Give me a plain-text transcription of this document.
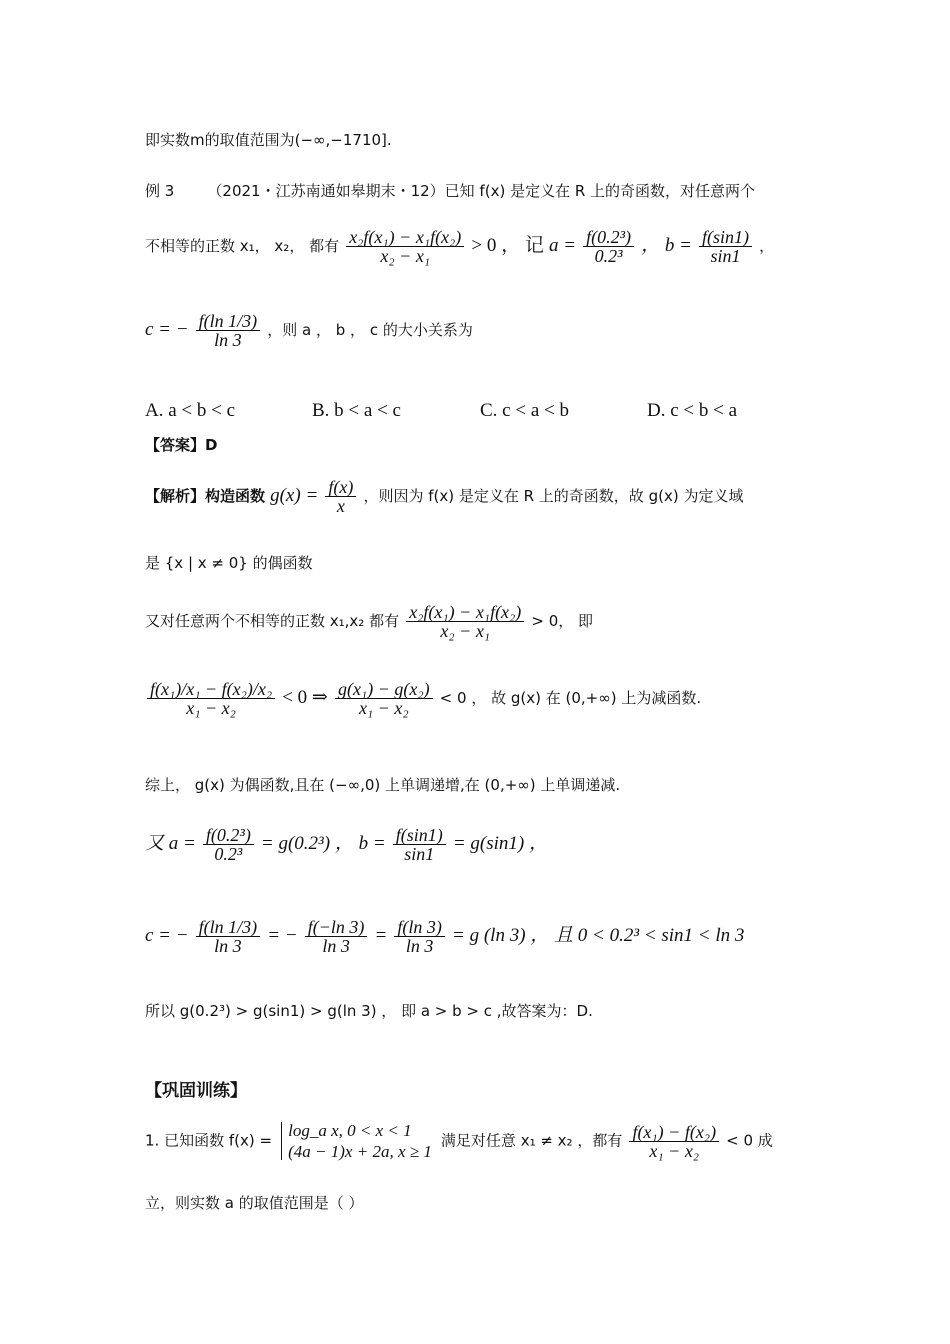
即实数m的取值范围为(−∞,−1710].
例 3 （2021・江苏南通如皋期末・12）已知 f(x) 是定义在 R 上的奇函数，对任意两个
不相等的正数 x₁， x₂， 都有 $\frac{\text{x₂f(x₁) − x₁f(x₂)}}{\text{x₂ − x₁}} > 0$ ， 记 $a = \frac{\text{f(0.2³)}}{\text{0.2³}}$ ， $b = \frac{f(\sin 1)}{\sin 1}$ ，
c = − $\frac{f(\ln 1/3)}{\ln 3}$ ，则 a ， b ， c 的大小关系为
A. a < b < c	B. b < a < c	C. c < a < b	D. c < b < a
【答案】D
【解析】构造函数 $g(x) = \frac{f(x)}{x}$ ，则因为 f(x) 是定义在 R 上的奇函数，故 g(x) 为定义域
是 {x | x ≠ 0} 的偶函数
又对任意两个不相等的正数 x₁,x₂ 都有 $\frac{\text{x₂f(x₁) − x₁f(x₂)}}{\text{x₂ − x₁}} > 0$， 即
$\frac{\text{f(x₁)/x₁ − f(x₂)/x₂}}{\text{x₁ − x₂}} < 0$ ⇒ $\frac{\text{g(x₁) − g(x₂)}}{\text{x₁ − x₂}} < 0$ ， 故 g(x) 在 (0,+∞) 上为减函数.
综上， g(x) 为偶函数,且在 (−∞,0) 上单调递增,在 (0,+∞) 上单调递减.
又 $a = \frac{\text{f(0.2³)}}{\text{0.2³}} = g(0.2^3)$ ， $b = \frac{f(\sin 1)}{\sin 1} = g(\sin 1)$ ，
c = − $\frac{f(\ln 1/3)}{\ln 3}$ = − $\frac{f(-\ln 3)}{\ln 3} = \frac{f(\ln 3)}{\ln 3} = g$ (ln 3) ， 且 0 < 0.2³ < sin1 < ln 3
所以 g(0.2³) > g(sin1) > g(ln 3) ， 即 a > b > c ,故答案为：D.
【巩固训练】
1. 已知函数 f(x) =
log_a x, 0 < x < 1
(4a − 1)x + 2a, x ≥ 1
满足对任意 x₁ ≠ x₂ ，都有 $\frac{\text{f(x₁) − f(x₂)}}{\text{x₁ − x₂}} < 0$ 成
立，则实数 a 的取值范围是（ ）
